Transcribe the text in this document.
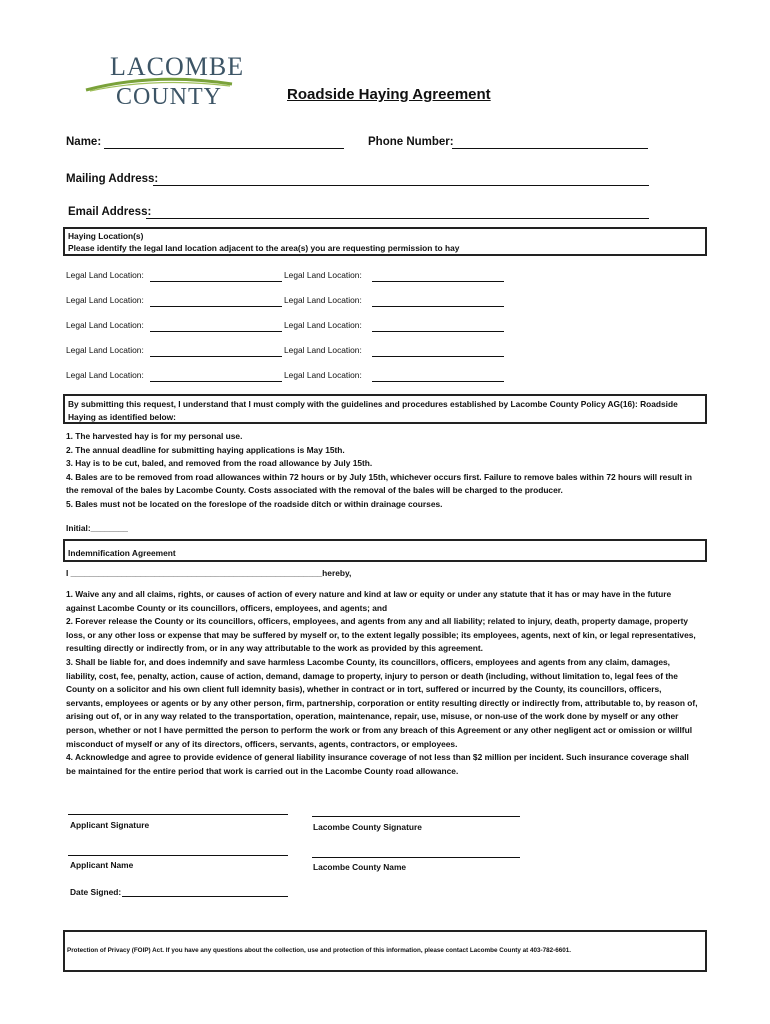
LACOMBE
COUNTY	Roadside Haying Agreement
Name:	Phone Number:
Mailing Address:
Email Address:
Haying Location(s)
Please identify the legal land location adjacent to the area(s) you are requesting permission to hay
Legal Land Location:	Legal Land Location:
Legal Land Location:	Legal Land Location:
Legal Land Location:	Legal Land Location:
Legal Land Location:	Legal Land Location:
Legal Land Location:	Legal Land Location:
By submitting this request, I understand that I must comply with the guidelines and procedures established by Lacombe County Policy AG(16): Roadside Haying as identified below:

1. The harvested hay is for my personal use.

2. The annual deadline for submitting haying applications is May 15th.

3. Hay is to be cut, baled, and removed from the road allowance by July 15th.

4. Bales are to be removed from road allowances within 72 hours or by July 15th, whichever occurs first. Failure to remove bales within 72 hours will result in the removal of the bales by Lacombe County. Costs associated with the removal of the bales will be charged to the producer.

5. Bales must not be located on the foreslope of the roadside ditch or within drainage courses.

Initial:________
Indemnification Agreement
I ______________________________________________________hereby,

1. Waive any and all claims, rights, or causes of action of every nature and kind at law or equity or under any statute that it has or may have in the future against Lacombe County or its councillors, officers, employees, and agents; and

2. Forever release the County or its councillors, officers, employees, and agents from any and all liability; related to injury, death, property damage, property loss, or any other loss or expense that may be suffered by myself or, to the extent legally possible; its employees, agents, next of kin, or legal representatives, resulting directly or indirectly from, or in any way attributable to the work as provided by this agreement.

3. Shall be liable for, and does indemnify and save harmless Lacombe County, its councillors, officers, employees and agents from any claim, damages, liability, cost, fee, penalty, action, cause of action, demand, damage to property, injury to person or death (including, without limitation to, legal fees of the County on a solicitor and his own client full idemnity basis), whether in contract or in tort, suffered or incurred by the County, its councillors, officers, servants, employees or agents or by any other person, firm, partnership, corporation or entity resulting directly or indirectly from, attributable to, by reason of, arising out of, or in any way related to the transportation, operation, maintenance, repair, use, misuse, or non-use of the work done by myself or any other person, whether or not I have permitted the person to perform the work or from any breach of this Agreement or any other negligent act or omission or willful misconduct of myself or any of its directors, officers, servants, agents, contractors, or employees.

4. Acknowledge and agree to provide evidence of general liability insurance coverage of not less than $2 million per incident. Such insurance coverage shall be maintained for the entire period that work is carried out in the Lacombe County road allowance.

Applicant Signature	Lacombe County Signature
Applicant Name	Lacombe County Name
Date Signed:
Protection of Privacy (FOIP) Act. If you have any questions about the collection, use and protection of this information, please contact Lacombe County at 403-782-6601.
